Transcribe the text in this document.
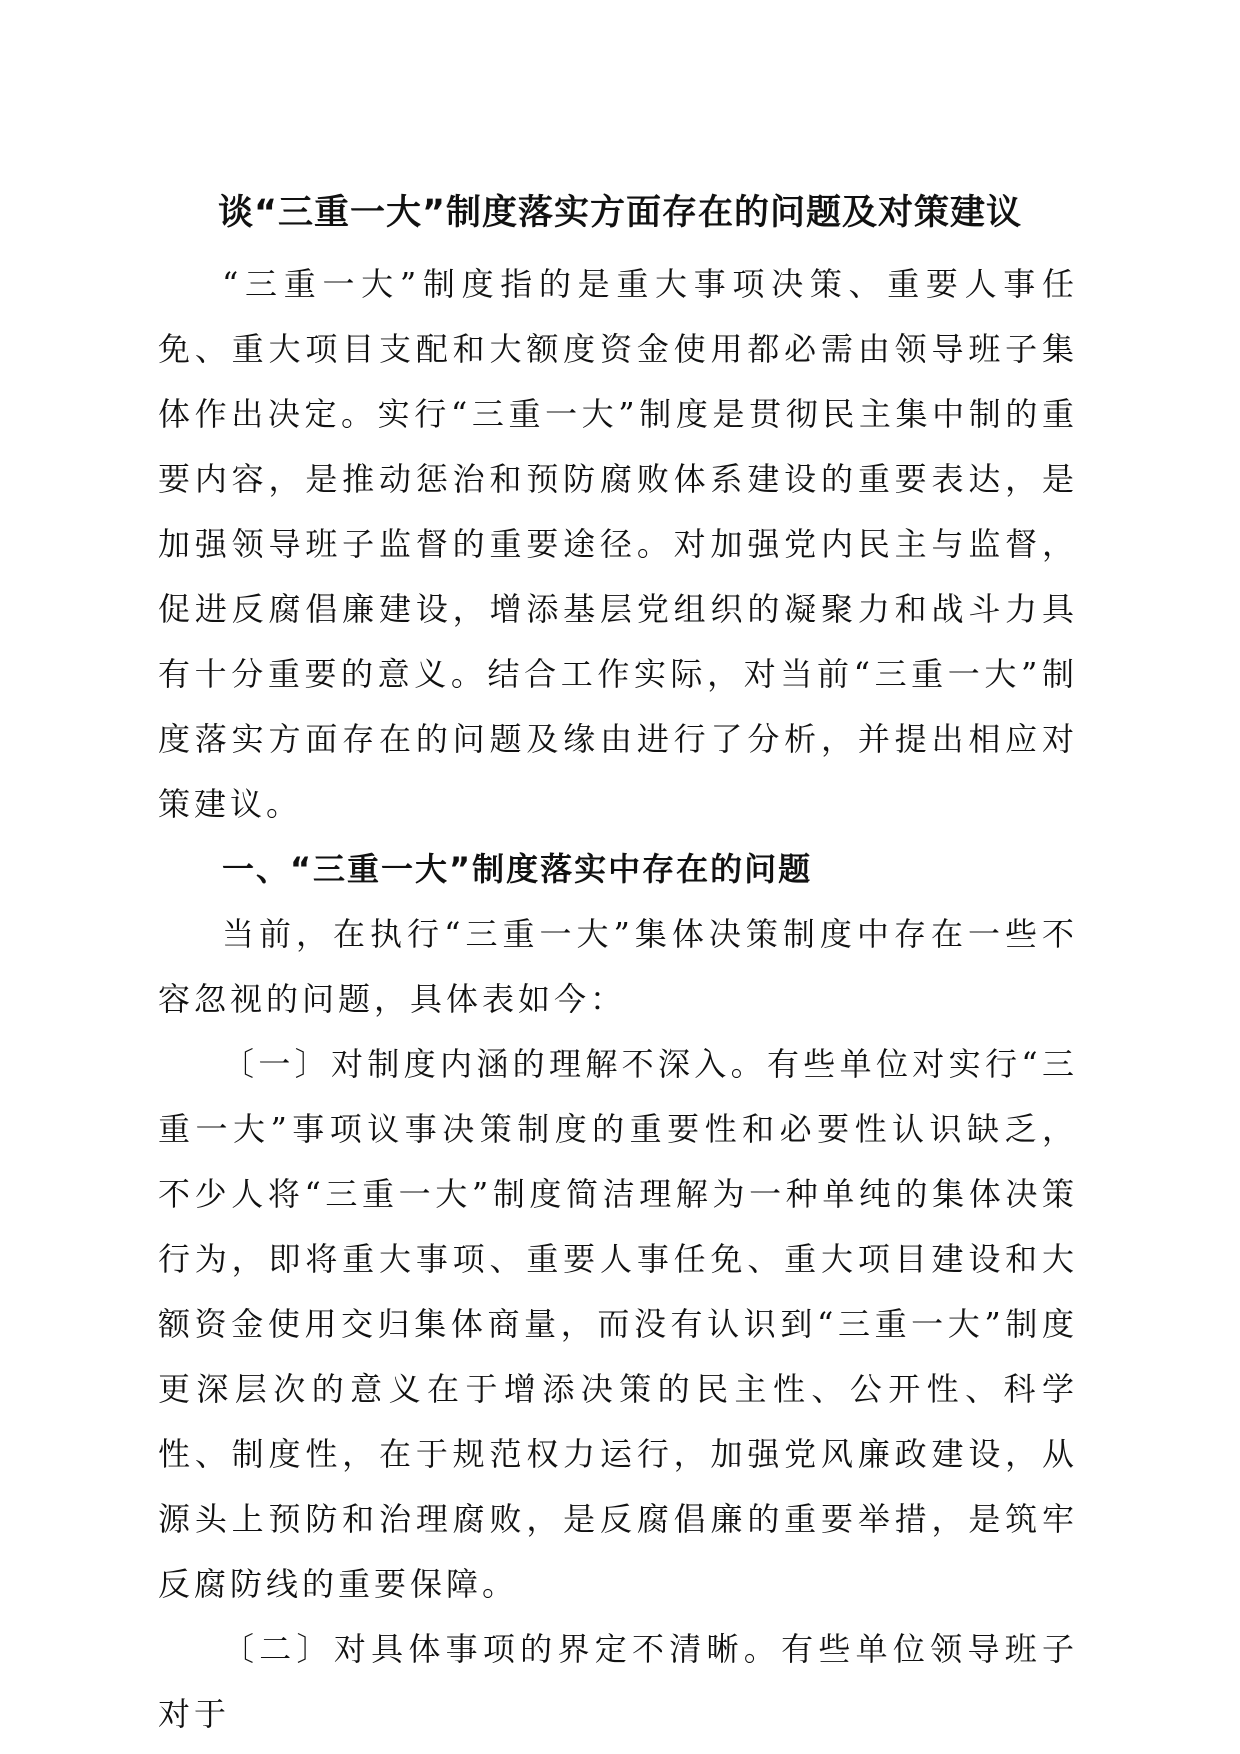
谈“三重一大”制度落实方面存在的问题及对策建议

“三重一大”制度指的是重大事项决策、重要人事任免、重大项目支配和大额度资金使用都必需由领导班子集体作出决定。实行“三重一大”制度是贯彻民主集中制的重要内容，是推动惩治和预防腐败体系建设的重要表达，是加强领导班子监督的重要途径。对加强党内民主与监督，促进反腐倡廉建设，增添基层党组织的凝聚力和战斗力具有十分重要的意义。结合工作实际，对当前“三重一大”制度落实方面存在的问题及缘由进行了分析，并提出相应对策建议。

一、“三重一大”制度落实中存在的问题

当前，在执行“三重一大”集体决策制度中存在一些不容忽视的问题，具体表如今：

〔一〕对制度内涵的理解不深入。有些单位对实行“三重一大”事项议事决策制度的重要性和必要性认识缺乏，不少人将“三重一大”制度简洁理解为一种单纯的集体决策行为，即将重大事项、重要人事任免、重大项目建设和大额资金使用交归集体商量，而没有认识到“三重一大”制度更深层次的意义在于增添决策的民主性、公开性、科学性、制度性，在于规范权力运行，加强党风廉政建设，从源头上预防和治理腐败，是反腐倡廉的重要举措，是筑牢反腐防线的重要保障。

〔二〕对具体事项的界定不清晰。有些单位领导班子对于
